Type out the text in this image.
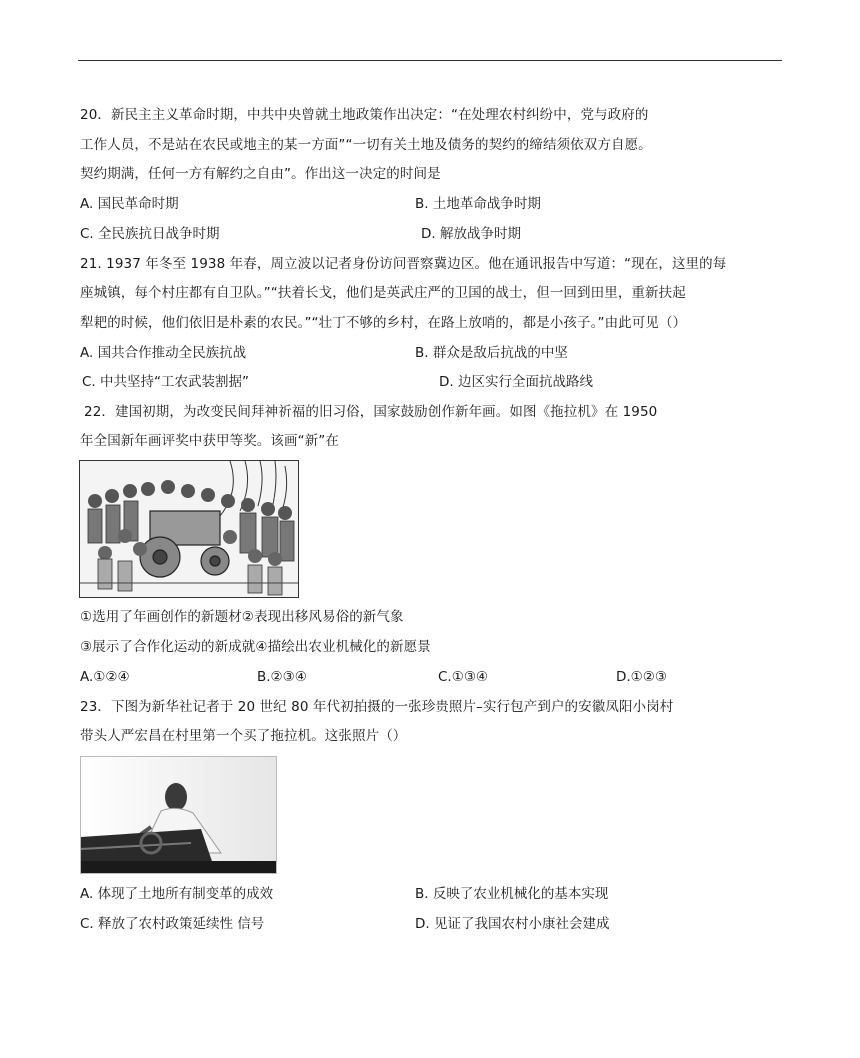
20．新民主主义革命时期，中共中央曾就土地政策作出决定：“在处理农村纠纷中，党与政府的
工作人员，不是站在农民或地主的某一方面”“一切有关土地及债务的契约的缔结须依双方自愿。
契约期满，任何一方有解约之自由”。作出这一决定的时间是
A. 国民革命时期	B. 土地革命战争时期
C. 全民族抗日战争时期	D. 解放战争时期
21. 1937 年冬至 1938 年春，周立波以记者身份访问晋察冀边区。他在通讯报告中写道：“现在，这里的每
座城镇，每个村庄都有自卫队。”“扶着长戈，他们是英武庄严的卫国的战士，但一回到田里，重新扶起
犁耙的时候，他们依旧是朴素的农民。”“壮丁不够的乡村，在路上放哨的，都是小孩子。”由此可见（）
A. 国共合作推动全民族抗战	B. 群众是敌后抗战的中坚
C. 中共坚持“工农武装割据”	D. 边区实行全面抗战路线
22．建国初期，为改变民间拜神祈福的旧习俗，国家鼓励创作新年画。如图《拖拉机》在 1950
年全国新年画评奖中获甲等奖。该画“新”在
①选用了年画创作的新题材②表现出移风易俗的新气象
③展示了合作化运动的新成就④描绘出农业机械化的新愿景
A.①②④	B.②③④	C.①③④	D.①②③
23．下图为新华社记者于 20 世纪 80 年代初拍摄的一张珍贵照片–实行包产到户的安徽凤阳小岗村
带头人严宏昌在村里第一个买了拖拉机。这张照片（）
A. 体现了土地所有制变革的成效	B. 反映了农业机械化的基本实现
C. 释放了农村政策延续性 信号	D. 见证了我国农村小康社会建成
